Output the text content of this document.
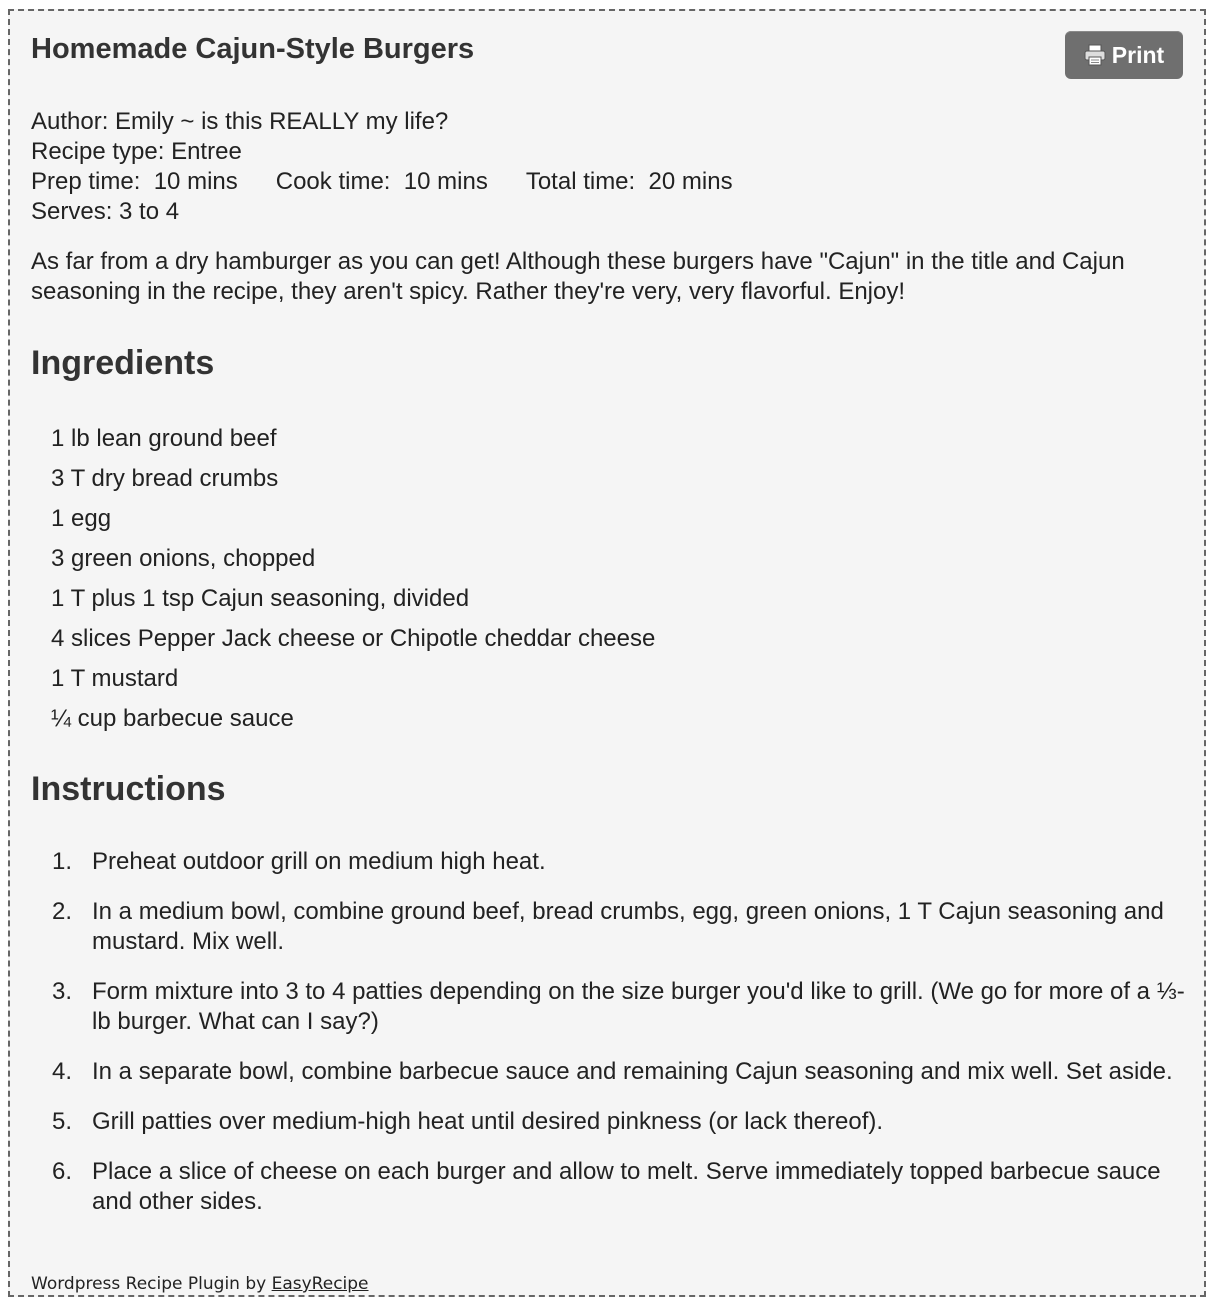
Homemade Cajun-Style Burgers	Print
Author: Emily ~ is this REALLY my life?
Recipe type: Entree
Prep time:  10 mins Cook time:  10 mins Total time:  20 mins
Serves: 3 to 4

As far from a dry hamburger as you can get! Although these burgers have "Cajun" in the title and Cajun seasoning in the recipe, they aren't spicy. Rather they're very, very flavorful. Enjoy!

Ingredients
1 lb lean ground beef
3 T dry bread crumbs
1 egg
3 green onions, chopped
1 T plus 1 tsp Cajun seasoning, divided
4 slices Pepper Jack cheese or Chipotle cheddar cheese
1 T mustard
¼ cup barbecue sauce
Instructions
1. Preheat outdoor grill on medium high heat.
2. In a medium bowl, combine ground beef, bread crumbs, egg, green onions, 1 T Cajun seasoning and mustard. Mix well.
3. Form mixture into 3 to 4 patties depending on the size burger you'd like to grill. (We go for more of a ⅓-lb burger. What can I say?)
4. In a separate bowl, combine barbecue sauce and remaining Cajun seasoning and mix well. Set aside.
5. Grill patties over medium-high heat until desired pinkness (or lack thereof).
6. Place a slice of cheese on each burger and allow to melt. Serve immediately topped barbecue sauce and other sides.
Wordpress Recipe Plugin by EasyRecipe
